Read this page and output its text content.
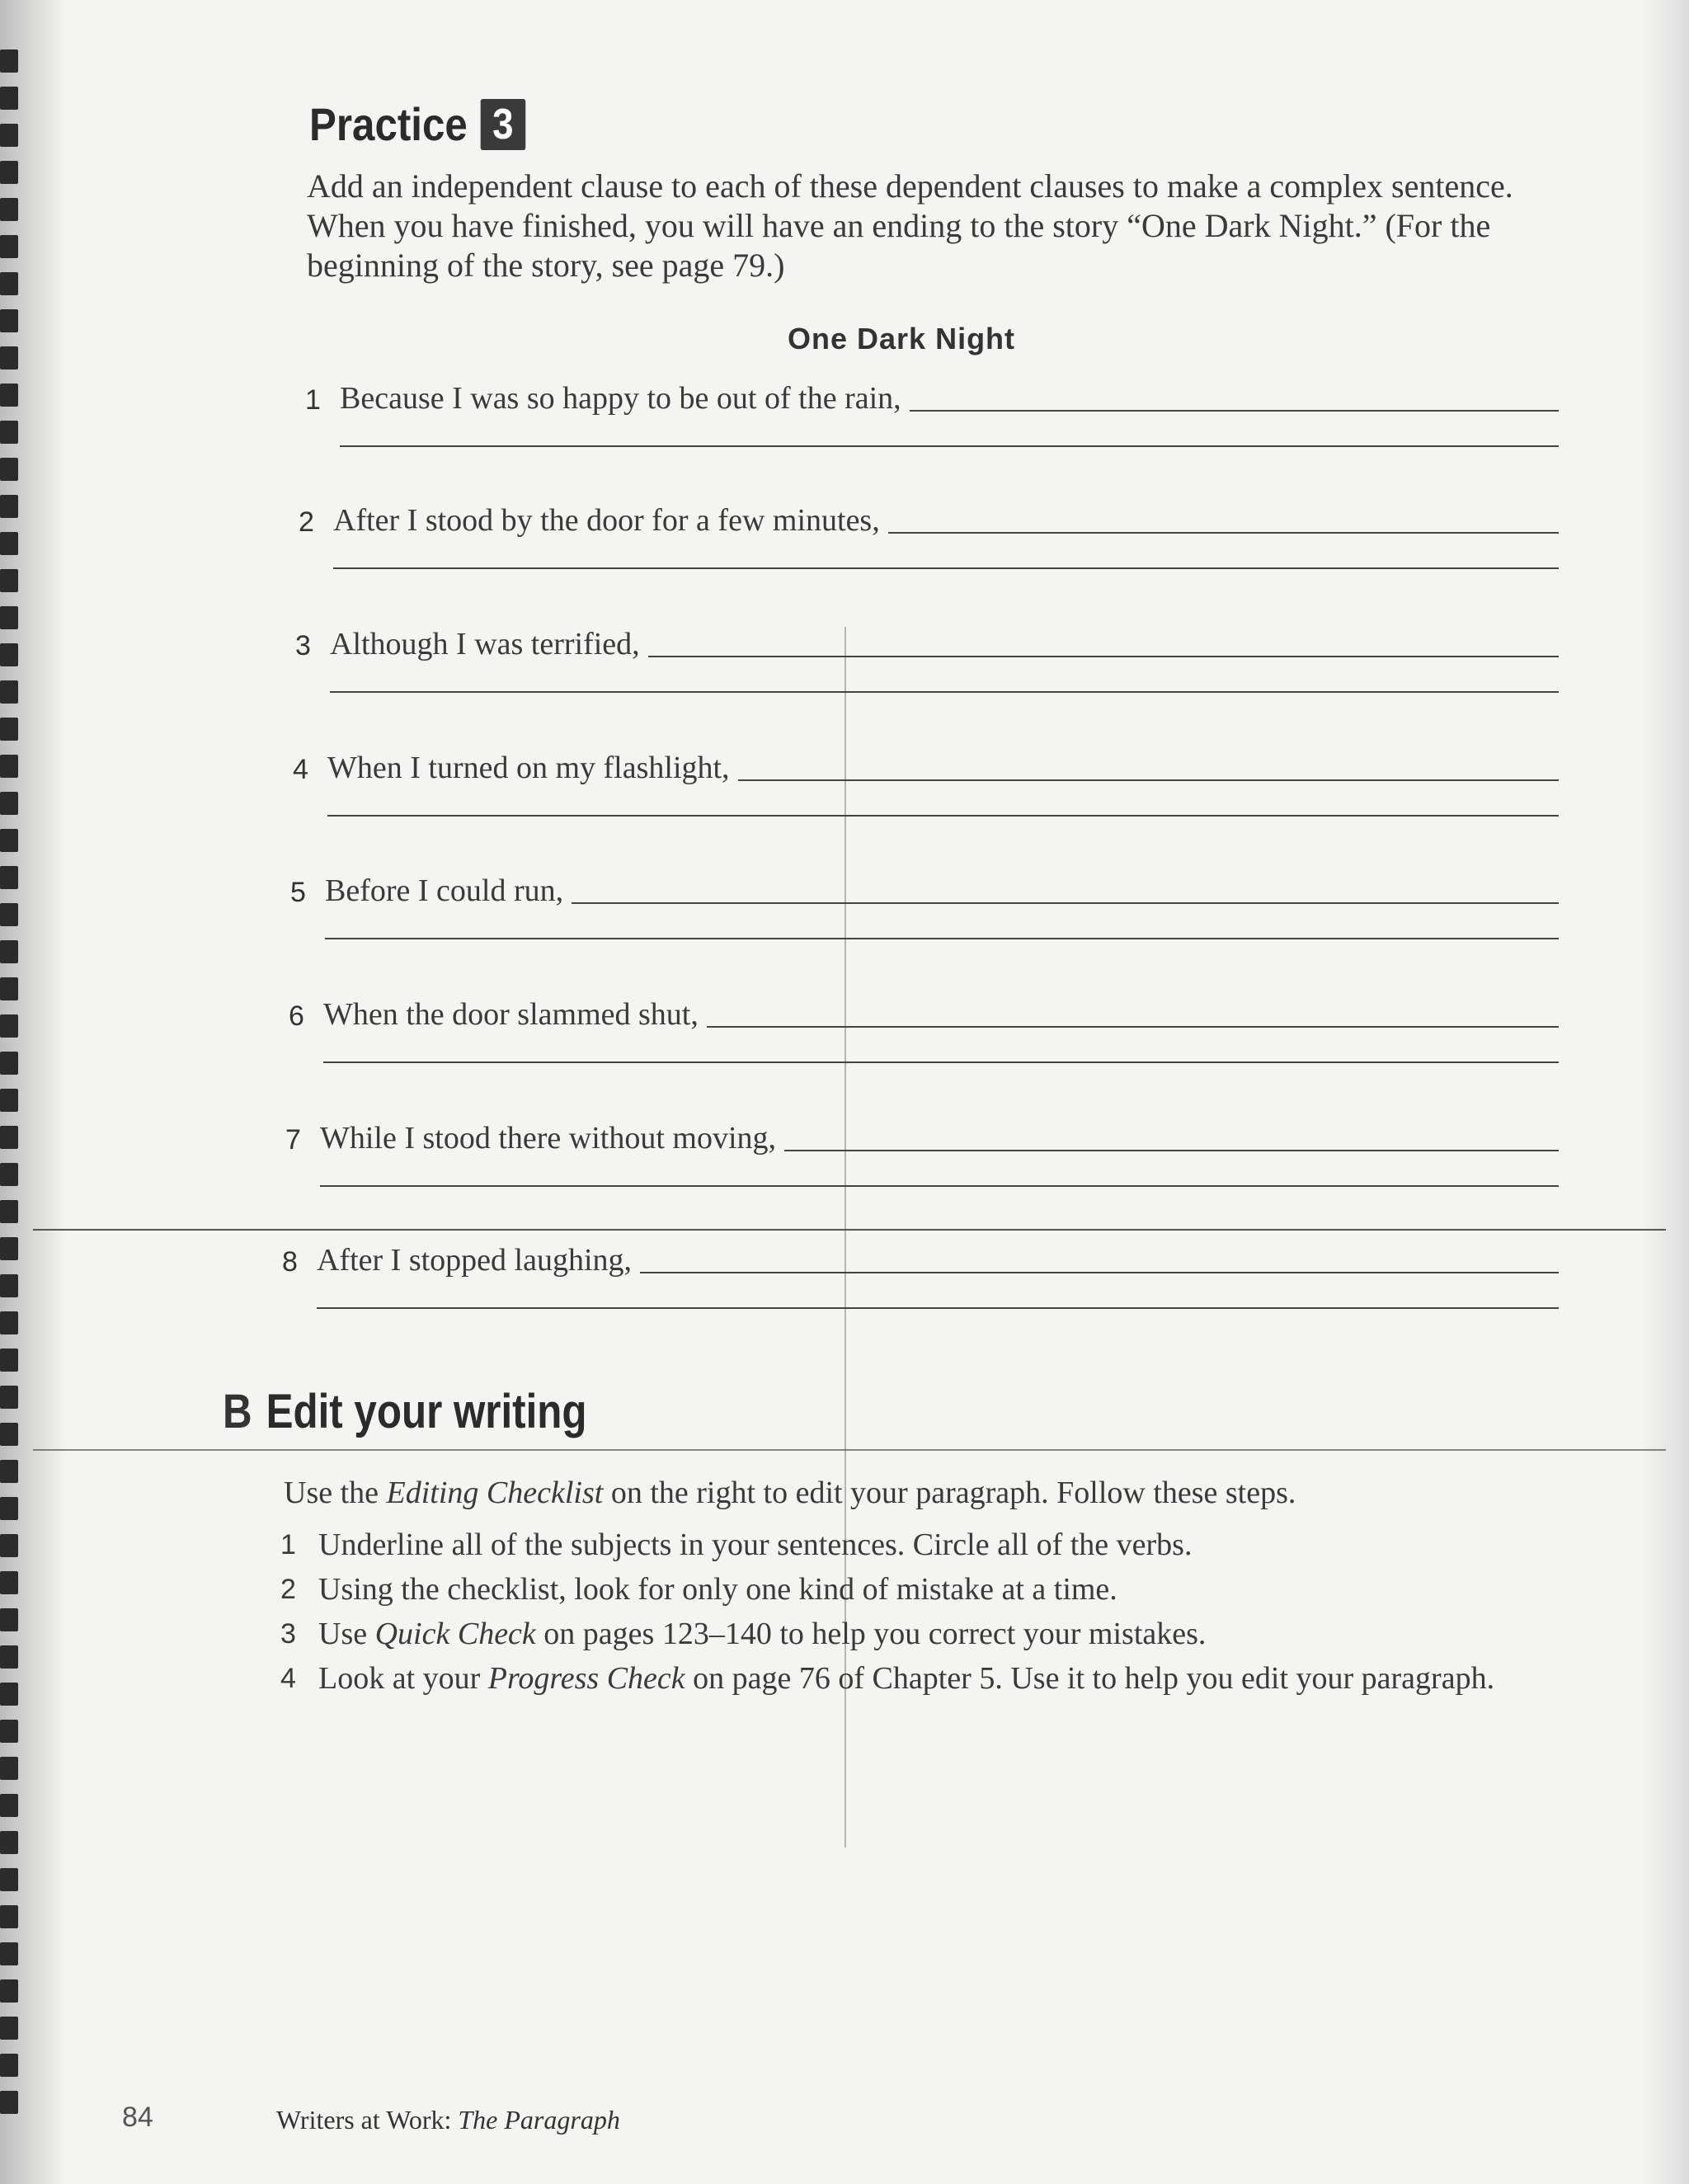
Practice 3
Add an independent clause to each of these dependent clauses to make a complex sentence. When you have finished, you will have an ending to the story “One Dark Night.” (For the beginning of the story, see page 79.)
One Dark Night
1 Because I was so happy to be out of the rain,
2 After I stood by the door for a few minutes,
3 Although I was terrified,
4 When I turned on my flashlight,
5 Before I could run,
6 When the door slammed shut,
7 While I stood there without moving,
8 After I stopped laughing,
B Edit your writing
Use the Editing Checklist on the right to edit your paragraph. Follow these steps.
1 Underline all of the subjects in your sentences. Circle all of the verbs.
2 Using the checklist, look for only one kind of mistake at a time.
3 Use Quick Check on pages 123–140 to help you correct your mistakes.
4 Look at your Progress Check on page 76 of Chapter 5. Use it to help you edit your paragraph.
84	Writers at Work: The Paragraph
